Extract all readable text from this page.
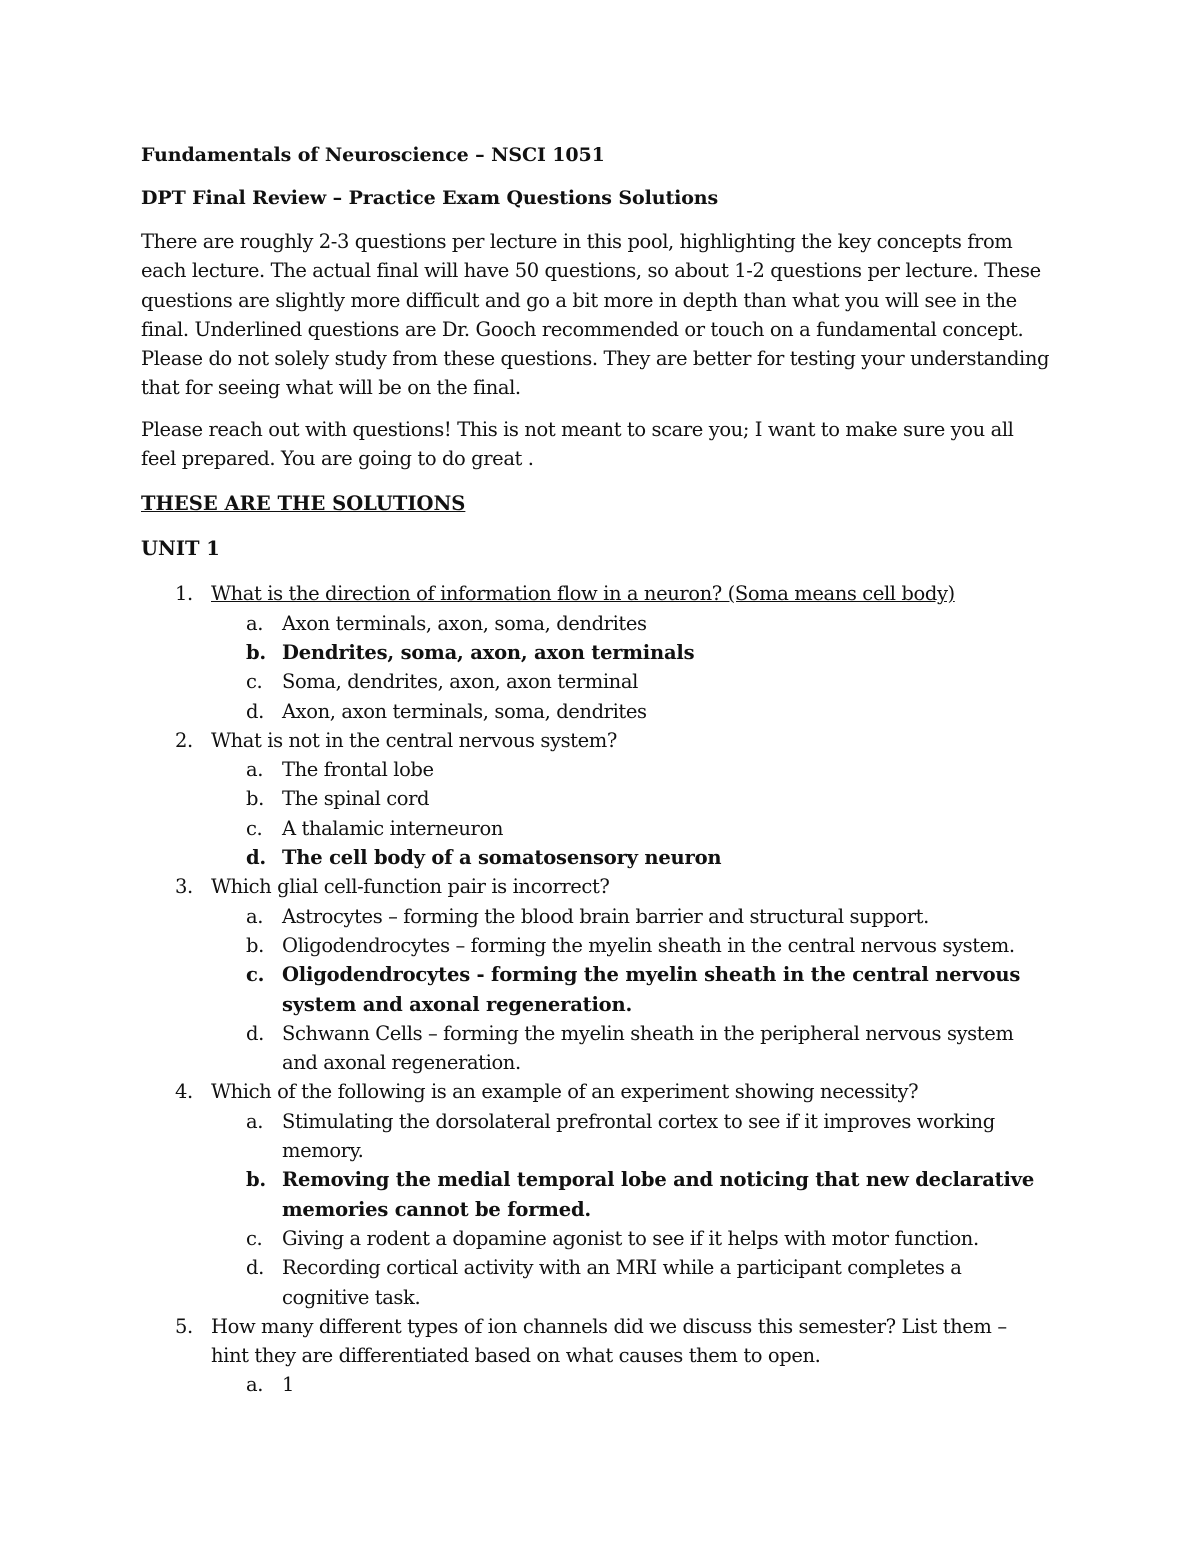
Fundamentals of Neuroscience – NSCI 1051
DPT Final Review – Practice Exam Questions Solutions

There are roughly 2-3 questions per lecture in this pool, highlighting the key concepts from each lecture. The actual final will have 50 questions, so about 1-2 questions per lecture. These questions are slightly more difficult and go a bit more in depth than what you will see in the final. Underlined questions are Dr. Gooch recommended or touch on a fundamental concept. Please do not solely study from these questions. They are better for testing your understanding that for seeing what will be on the final.

Please reach out with questions! This is not meant to scare you; I want to make sure you all feel prepared. You are going to do great .

THESE ARE THE SOLUTIONS
UNIT 1
1. What is the direction of information flow in a neuron? (Soma means cell body)
a. Axon terminals, axon, soma, dendrites
b. Dendrites, soma, axon, axon terminals
c. Soma, dendrites, axon, axon terminal
d. Axon, axon terminals, soma, dendrites
2. What is not in the central nervous system?
a. The frontal lobe
b. The spinal cord
c. A thalamic interneuron
d. The cell body of a somatosensory neuron
3. Which glial cell-function pair is incorrect?
a. Astrocytes – forming the blood brain barrier and structural support.
b. Oligodendrocytes – forming the myelin sheath in the central nervous system.
c. Oligodendrocytes - forming the myelin sheath in the central nervous system and axonal regeneration.
d. Schwann Cells – forming the myelin sheath in the peripheral nervous system and axonal regeneration.
4. Which of the following is an example of an experiment showing necessity?
a. Stimulating the dorsolateral prefrontal cortex to see if it improves working memory.
b. Removing the medial temporal lobe and noticing that new declarative memories cannot be formed.
c. Giving a rodent a dopamine agonist to see if it helps with motor function.
d. Recording cortical activity with an MRI while a participant completes a cognitive task.
5. How many different types of ion channels did we discuss this semester? List them – hint they are differentiated based on what causes them to open.
a. 1
